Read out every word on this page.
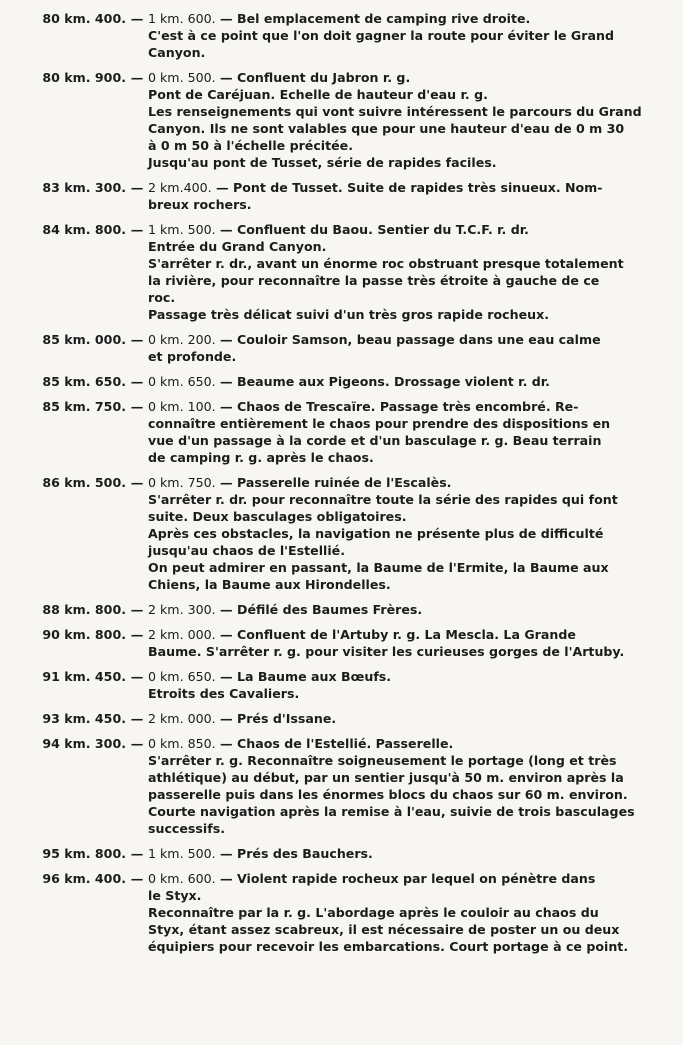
80 km. 400. — 1 km. 600. — Bel emplacement de camping rive droite.
C'est à ce point que l'on doit gagner la route pour éviter le Grand
Canyon.
80 km. 900. — 0 km. 500. — Confluent du Jabron r. g.
Pont de Caréjuan. Echelle de hauteur d'eau r. g.
Les renseignements qui vont suivre intéressent le parcours du Grand
Canyon. Ils ne sont valables que pour une hauteur d'eau de 0 m 30
à 0 m 50 à l'échelle précitée.
Jusqu'au pont de Tusset, série de rapides faciles.
83 km. 300. — 2 km.400. — Pont de Tusset. Suite de rapides très sinueux. Nom-
breux rochers.
84 km. 800. — 1 km. 500. — Confluent du Baou. Sentier du T.C.F. r. dr.
Entrée du Grand Canyon.
S'arrêter r. dr., avant un énorme roc obstruant presque totalement
la rivière, pour reconnaître la passe très étroite à gauche de ce
roc.
Passage très délicat suivi d'un très gros rapide rocheux.
85 km. 000. — 0 km. 200. — Couloir Samson, beau passage dans une eau calme
et profonde.
85 km. 650. — 0 km. 650. — Beaume aux Pigeons. Drossage violent r. dr.
85 km. 750. — 0 km. 100. — Chaos de Trescaïre. Passage très encombré. Re-
connaître entièrement le chaos pour prendre des dispositions en
vue d'un passage à la corde et d'un basculage r. g. Beau terrain
de camping r. g. après le chaos.
86 km. 500. — 0 km. 750. — Passerelle ruinée de l'Escalès.
S'arrêter r. dr. pour reconnaître toute la série des rapides qui font
suite. Deux basculages obligatoires.
Après ces obstacles, la navigation ne présente plus de difficulté
jusqu'au chaos de l'Estellié.
On peut admirer en passant, la Baume de l'Ermite, la Baume aux
Chiens, la Baume aux Hirondelles.
88 km. 800. — 2 km. 300. — Défilé des Baumes Frères.
90 km. 800. — 2 km. 000. — Confluent de l'Artuby r. g. La Mescla. La Grande
Baume. S'arrêter r. g. pour visiter les curieuses gorges de l'Artuby.
91 km. 450. — 0 km. 650. — La Baume aux Bœufs.
Etroits des Cavaliers.
93 km. 450. — 2 km. 000. — Prés d'Issane.
94 km. 300. — 0 km. 850. — Chaos de l'Estellié. Passerelle.
S'arrêter r. g. Reconnaître soigneusement le portage (long et très
athlétique) au début, par un sentier jusqu'à 50 m. environ après la
passerelle puis dans les énormes blocs du chaos sur 60 m. environ.
Courte navigation après la remise à l'eau, suivie de trois basculages
successifs.
95 km. 800. — 1 km. 500. — Prés des Bauchers.
96 km. 400. — 0 km. 600. — Violent rapide rocheux par lequel on pénètre dans
le Styx.
Reconnaître par la r. g. L'abordage après le couloir au chaos du
Styx, étant assez scabreux, il est nécessaire de poster un ou deux
équipiers pour recevoir les embarcations. Court portage à ce point.
